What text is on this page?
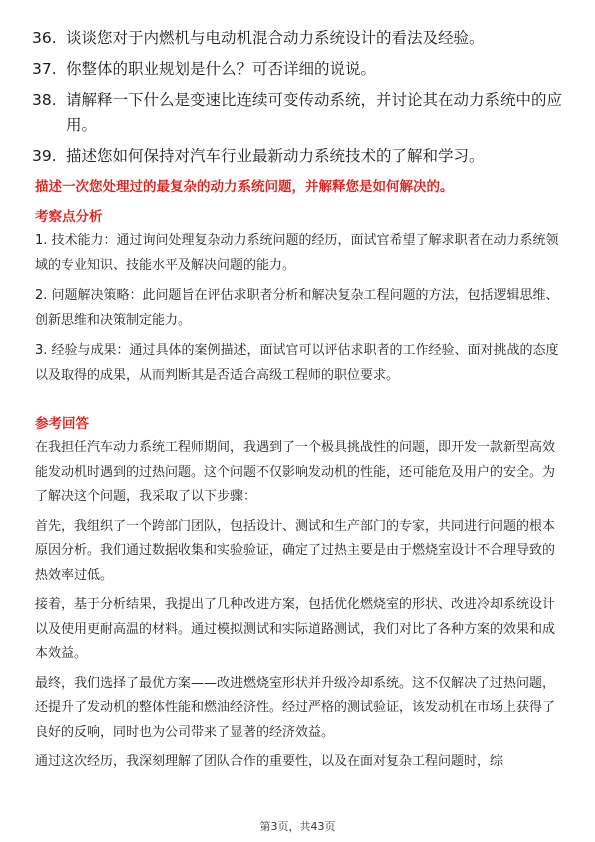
36. 谈谈您对于内燃机与电动机混合动力系统设计的看法及经验。
37. 你整体的职业规划是什么？可否详细的说说。
38. 请解释一下什么是变速比连续可变传动系统，并讨论其在动力系统中的应用。
39. 描述您如何保持对汽车行业最新动力系统技术的了解和学习。
描述一次您处理过的最复杂的动力系统问题，并解释您是如何解决的。
考察点分析

1. 技术能力：通过询问处理复杂动力系统问题的经历，面试官希望了解求职者在动力系统领域的专业知识、技能水平及解决问题的能力。

2. 问题解决策略：此问题旨在评估求职者分析和解决复杂工程问题的方法，包括逻辑思维、创新思维和决策制定能力。

3. 经验与成果：通过具体的案例描述，面试官可以评估求职者的工作经验、面对挑战的态度以及取得的成果，从而判断其是否适合高级工程师的职位要求。

参考回答

在我担任汽车动力系统工程师期间，我遇到了一个极具挑战性的问题，即开发一款新型高效能发动机时遇到的过热问题。这个问题不仅影响发动机的性能，还可能危及用户的安全。为了解决这个问题，我采取了以下步骤：

首先，我组织了一个跨部门团队，包括设计、测试和生产部门的专家，共同进行问题的根本原因分析。我们通过数据收集和实验验证，确定了过热主要是由于燃烧室设计不合理导致的热效率过低。

接着，基于分析结果，我提出了几种改进方案，包括优化燃烧室的形状、改进冷却系统设计以及使用更耐高温的材料。通过模拟测试和实际道路测试，我们对比了各种方案的效果和成本效益。

最终，我们选择了最优方案——改进燃烧室形状并升级冷却系统。这不仅解决了过热问题，还提升了发动机的整体性能和燃油经济性。经过严格的测试验证，该发动机在市场上获得了良好的反响，同时也为公司带来了显著的经济效益。

通过这次经历，我深刻理解了团队合作的重要性，以及在面对复杂工程问题时，综

第3页，共43页
